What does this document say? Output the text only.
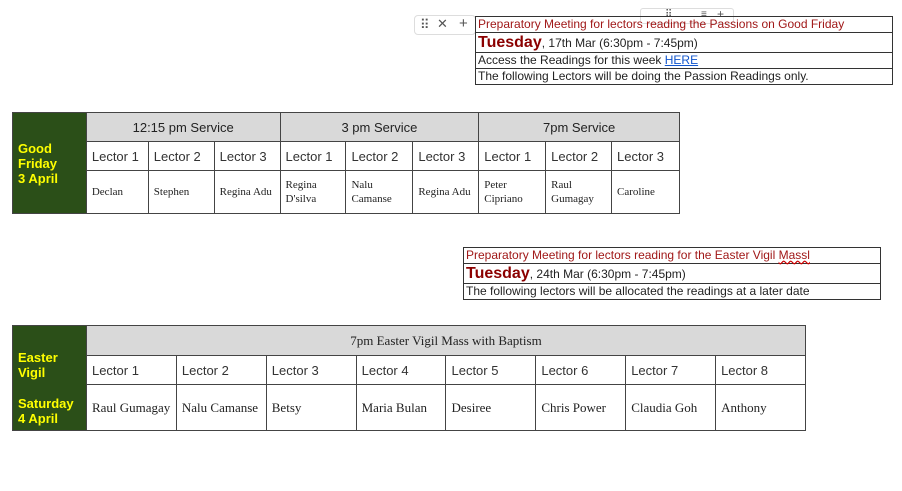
⠿ ✕ +
⠿	≡ +
Preparatory Meeting for lectors reading the Passions on Good Friday
Tuesday, 17th Mar (6:30pm - 7:45pm)
Access the Readings for this week HERE
The following Lectors will be doing the Passion Readings only.
Good
Friday
3 April	12:15 pm Service			3 pm Service			7pm Service		
	Lector 1	Lector 2	Lector 3	Lector 1	Lector 2	Lector 3	Lector 1	Lector 2	Lector 3
	Declan	Stephen	Regina Adu	Regina D'silva	Nalu Camanse	Regina Adu	Peter Cipriano	Raul Gumagay	Caroline
Preparatory Meeting for lectors reading for the Easter Vigil Massl
Tuesday, 24th Mar (6:30pm - 7:45pm)
The following lectors will be allocated the readings at a later date
Easter
Vigil
Saturday
4 April	7pm Easter Vigil Mass with Baptism							
	Lector 1	Lector 2	Lector 3	Lector 4	Lector 5	Lector 6	Lector 7	Lector 8
	Raul Gumagay	Nalu Camanse	Betsy	Maria Bulan	Desiree	Chris Power	Claudia Goh	Anthony
